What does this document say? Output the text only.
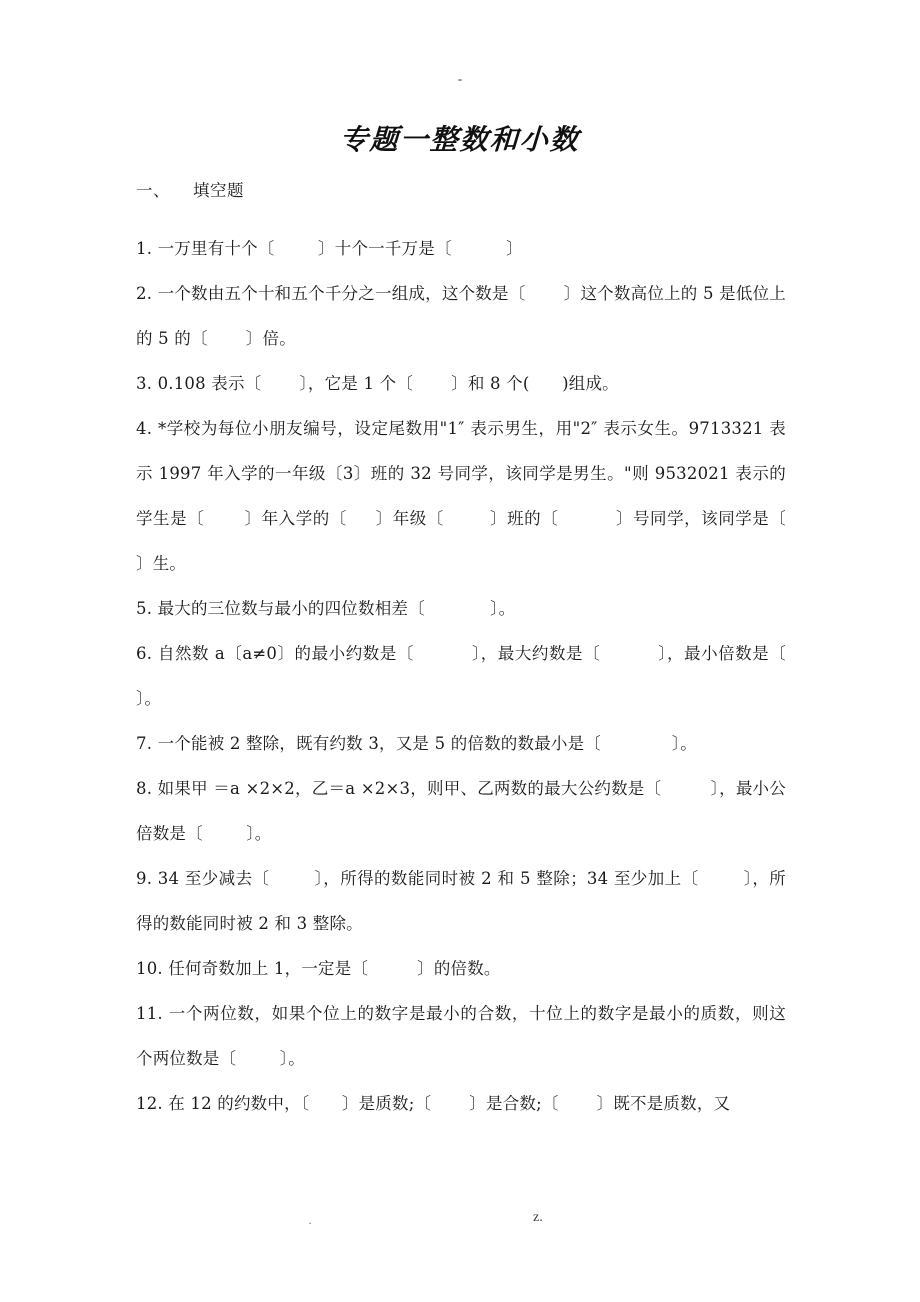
-
专题一整数和小数

一、    填空题

1. 一万里有十个〔        〕十个一千万是〔          〕

2. 一个数由五个十和五个千分之一组成，这个数是〔       〕这个数高位上的 5 是低位上的 5 的〔       〕倍。

3. 0.108 表示〔       〕，它是 1 个〔       〕和 8 个(      )组成。

4. *学校为每位小朋友编号，设定尾数用"1″ 表示男生，用"2″ 表示女生。9713321 表示 1997 年入学的一年级〔3〕班的 32 号同学，该同学是男生。"则 9532021 表示的学生是〔       〕年入学的〔     〕年级〔        〕班的〔          〕号同学，该同学是〔        〕生。

5. 最大的三位数与最小的四位数相差〔            〕。

6. 自然数 a〔a≠0〕的最小约数是〔          〕，最大约数是〔          〕，最小倍数是〔            〕。

7. 一个能被 2 整除，既有约数 3，又是 5 的倍数的数最小是〔             〕。

8. 如果甲 ＝a ×2×2，乙＝a ×2×3，则甲、乙两数的最大公约数是〔         〕，最小公倍数是〔        〕。

9. 34 至少减去〔        〕，所得的数能同时被 2 和 5 整除；34 至少加上〔        〕，所得的数能同时被 2 和 3 整除。

10. 任何奇数加上 1，一定是〔         〕的倍数。

11. 一个两位数，如果个位上的数字是最小的合数，十位上的数字是最小的质数，则这个两位数是〔        〕。

12. 在 12 的约数中，〔      〕是质数;〔       〕是合数;〔       〕既不是质数，又

.	z.
